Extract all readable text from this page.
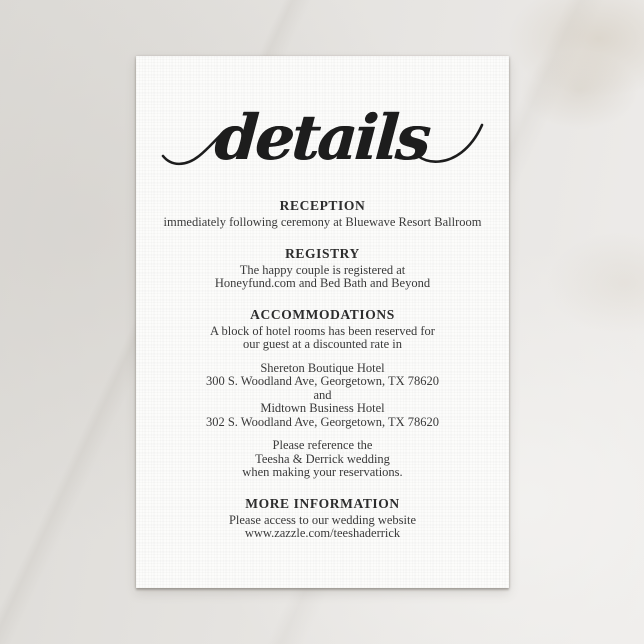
details
RECEPTION

immediately following ceremony at Bluewave Resort Ballroom

REGISTRY

The happy couple is registered at
Honeyfund.com and Bed Bath and Beyond

ACCOMMODATIONS

A block of hotel rooms has been reserved for
our guest at a discounted rate in

Shereton Boutique Hotel
300 S. Woodland Ave, Georgetown, TX 78620
and
Midtown Business Hotel
302 S. Woodland Ave, Georgetown, TX 78620

Please reference the
Teesha & Derrick wedding
when making your reservations.

MORE INFORMATION

Please access to our wedding website
www.zazzle.com/teeshaderrick
